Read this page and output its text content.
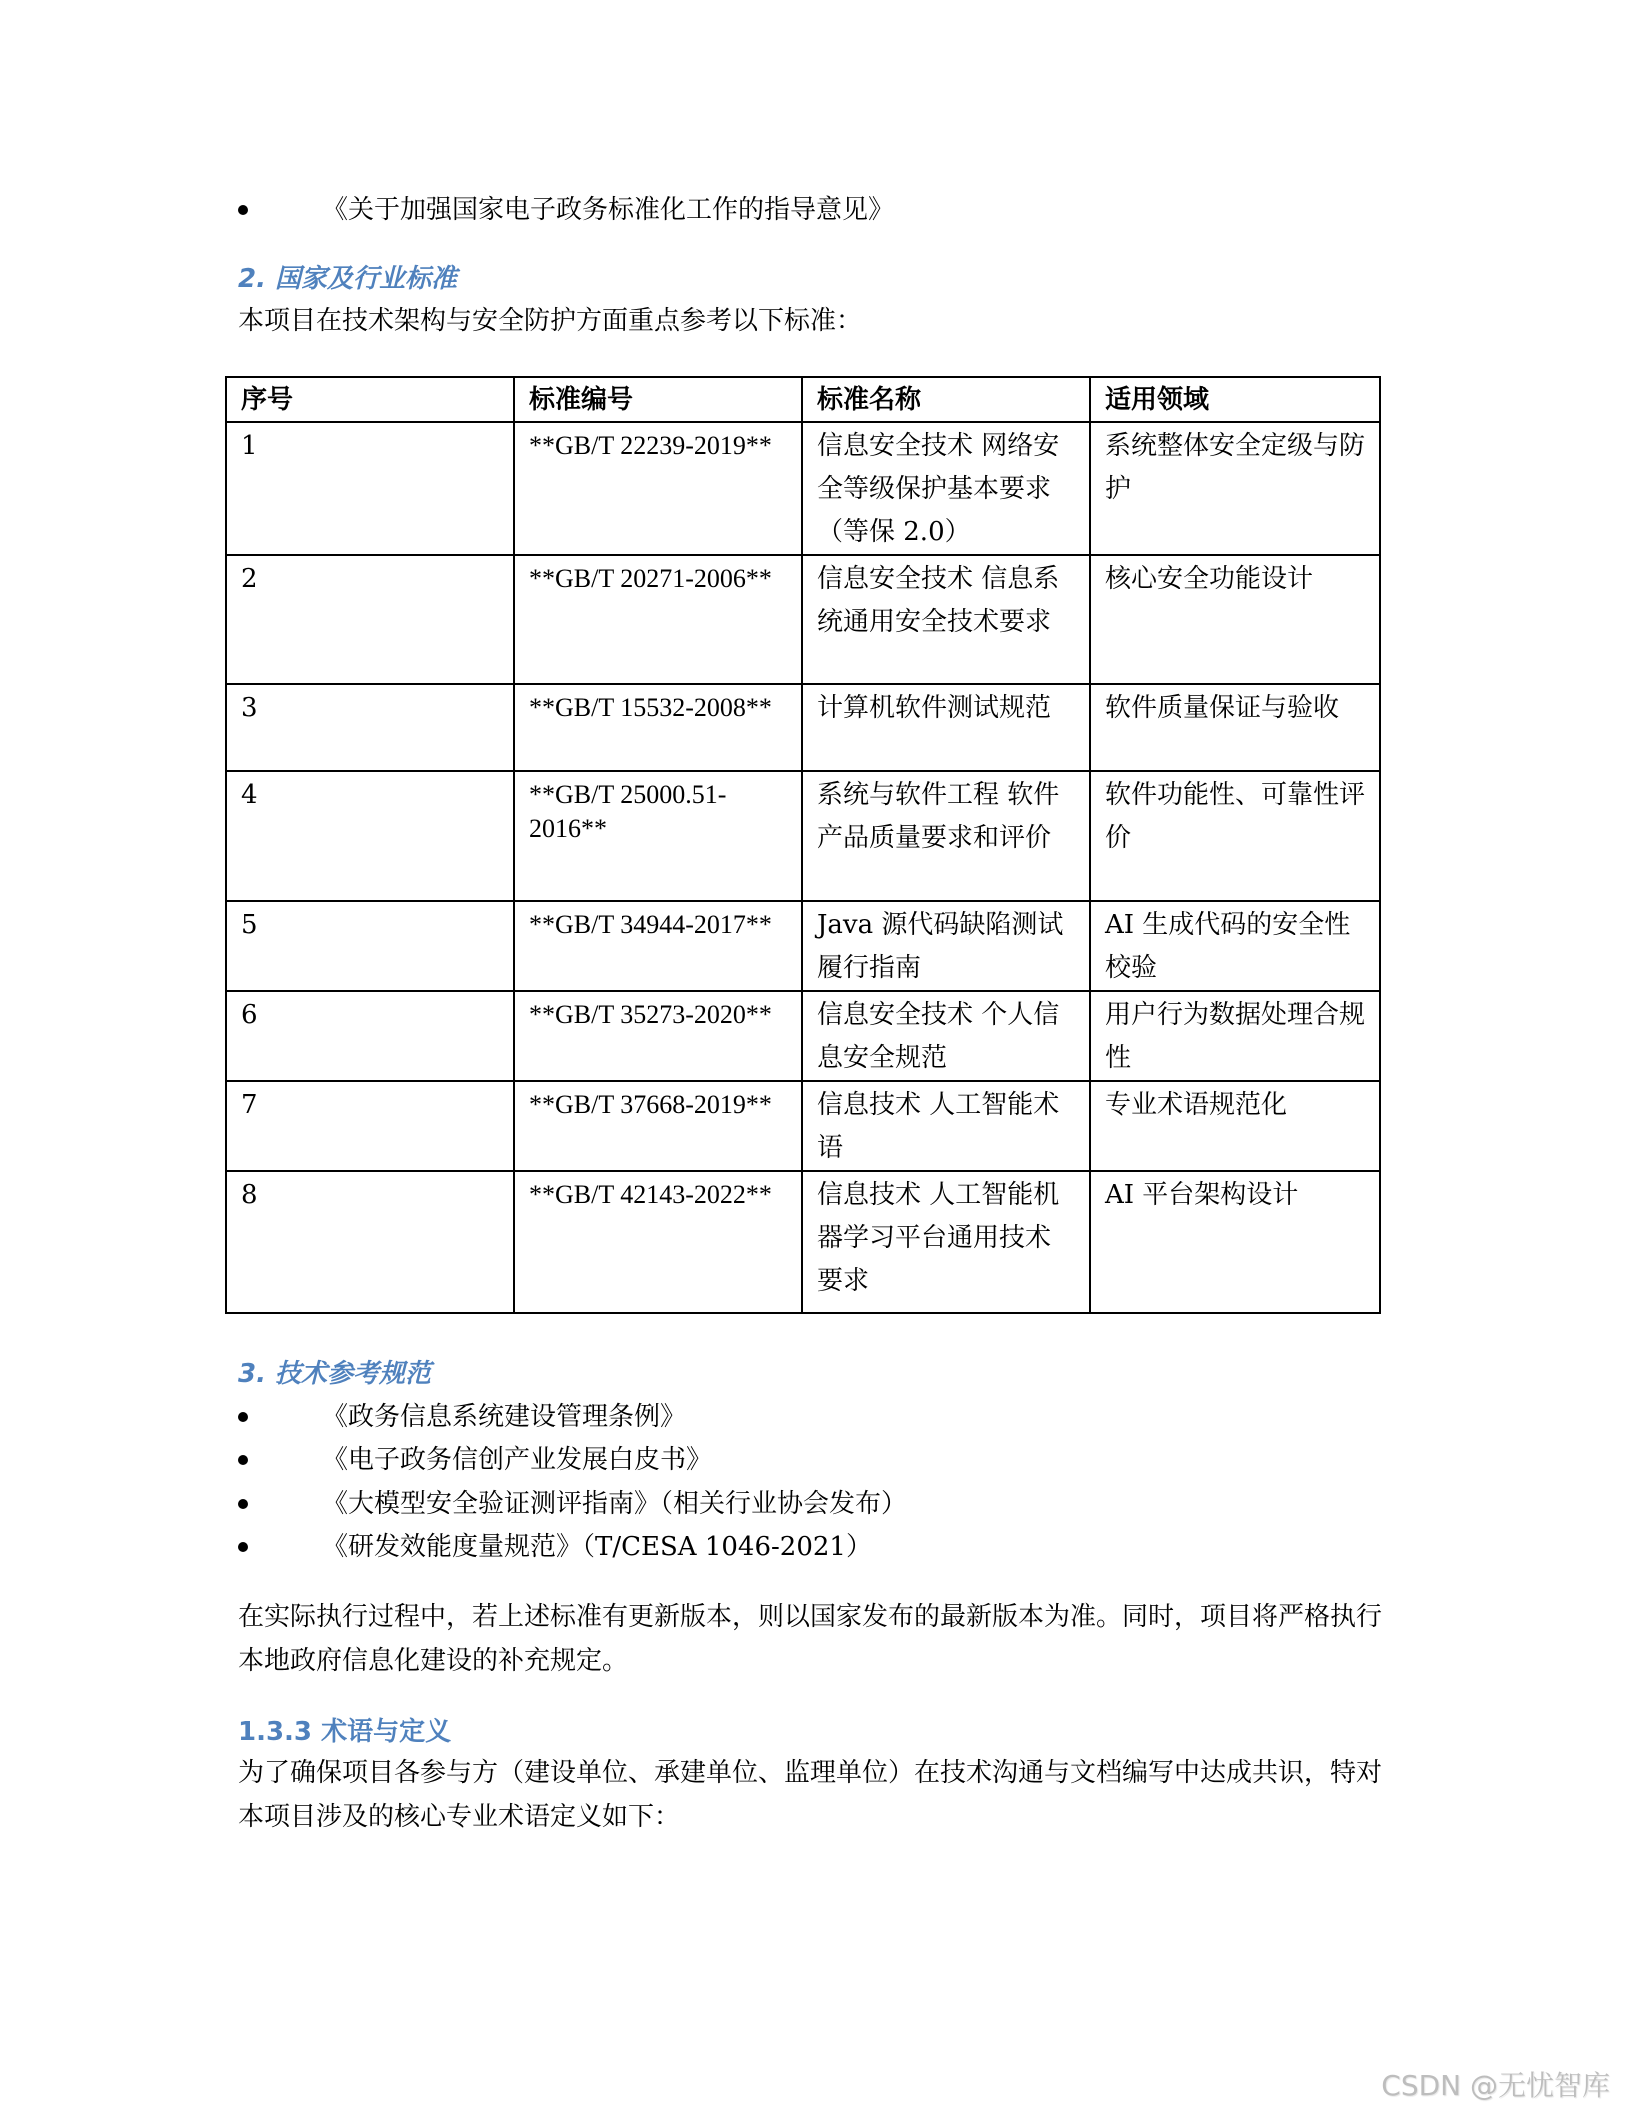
《关于加强国家电子政务标准化工作的指导意见》
2. 国家及行业标准
本项目在技术架构与安全防护方面重点参考以下标准：
序号	标准编号	标准名称	适用领域
1	**GB/T 22239-2019**	信息安全技术 网络安全等级保护基本要求（等保 2.0）	系统整体安全定级与防护
2	**GB/T 20271-2006**	信息安全技术 信息系统通用安全技术要求	核心安全功能设计
3	**GB/T 15532-2008**	计算机软件测试规范	软件质量保证与验收
4	**GB/T 25000.51-2016**	系统与软件工程 软件产品质量要求和评价	软件功能性、可靠性评价
5	**GB/T 34944-2017**	Java 源代码缺陷测试履行指南	AI 生成代码的安全性校验
6	**GB/T 35273-2020**	信息安全技术 个人信息安全规范	用户行为数据处理合规性
7	**GB/T 37668-2019**	信息技术 人工智能术语	专业术语规范化
8	**GB/T 42143-2022**	信息技术 人工智能机器学习平台通用技术要求	AI 平台架构设计
3. 技术参考规范
《政务信息系统建设管理条例》
《电子政务信创产业发展白皮书》
《大模型安全验证测评指南》（相关行业协会发布）
《研发效能度量规范》（T/CESA 1046-2021）
在实际执行过程中，若上述标准有更新版本，则以国家发布的最新版本为准。同时，项目将严格执行本地政府信息化建设的补充规定。
1.3.3 术语与定义
为了确保项目各参与方（建设单位、承建单位、监理单位）在技术沟通与文档编写中达成共识，特对本项目涉及的核心专业术语定义如下：
CSDN @无忧智库
